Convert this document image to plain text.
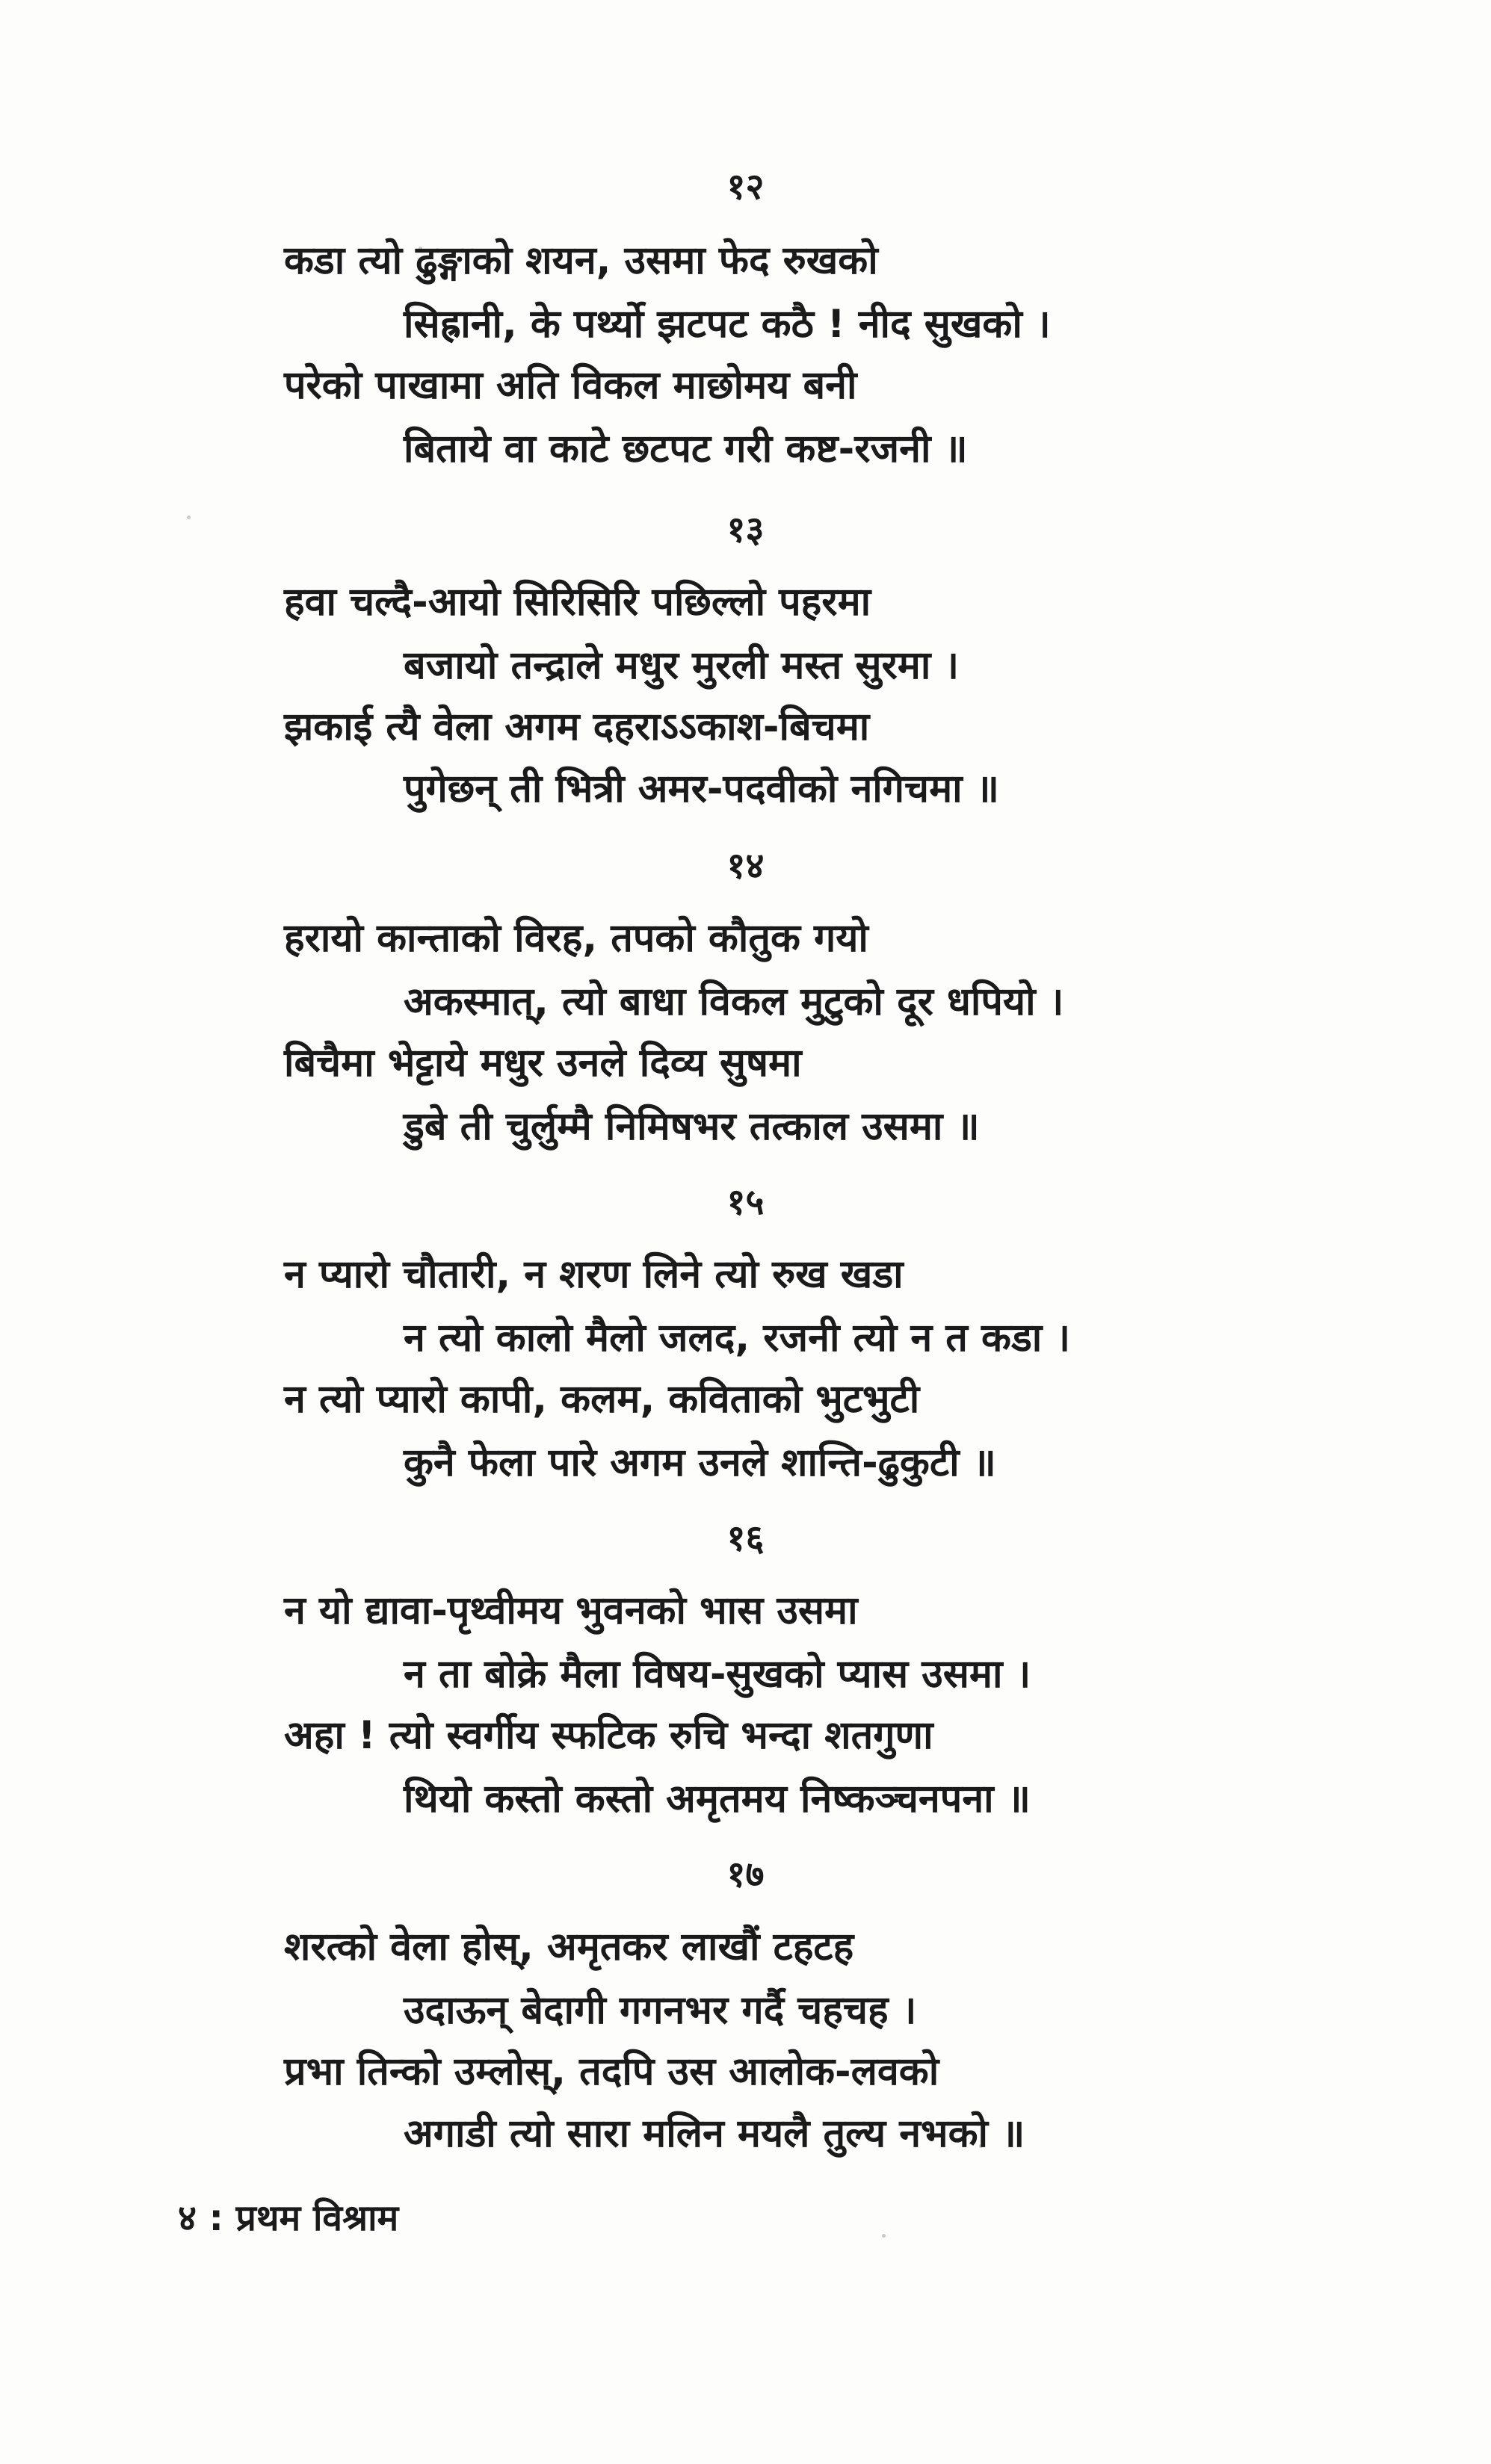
१२
कडा त्यो ढुङ्गाको शयन, उसमा फेद रुखको
सिह्रानी, के पर्थ्यो झटपट कठै ! नीद सुखको ।
परेको पाखामा अति विकल माछोमय बनी
बिताये वा काटे छटपट गरी कष्ट-रजनी ॥
१३
हवा चल्दै-आयो सिरिसिरि पछिल्लो पहरमा
बजायो तन्द्राले मधुर मुरली मस्त सुरमा ।
झकाई त्यै वेला अगम दहराऽऽकाश-बिचमा
पुगेछन् ती भित्री अमर-पदवीको नगिचमा ॥
१४
हरायो कान्ताको विरह, तपको कौतुक गयो
अकस्मात्, त्यो बाधा विकल मुटुको दूर धपियो ।
बिचैमा भेट्टाये मधुर उनले दिव्य सुषमा
डुबे ती चुर्लुम्मै निमिषभर तत्काल उसमा ॥
१५
न प्यारो चौतारी, न शरण लिने त्यो रुख खडा
न त्यो कालो मैलो जलद, रजनी त्यो न त कडा ।
न त्यो प्यारो कापी, कलम, कविताको भुटभुटी
कुनै फेला पारे अगम उनले शान्ति-ढुकुटी ॥
१६
न यो द्यावा-पृथ्वीमय भुवनको भास उसमा
न ता बोक्रे मैला विषय-सुखको प्यास उसमा ।
अहा ! त्यो स्वर्गीय स्फटिक रुचि भन्दा शतगुणा
थियो कस्तो कस्तो अमृतमय निष्कञ्चनपना ॥
१७
शरत्को वेला होस्, अमृतकर लाखौं टहटह
उदाऊन् बेदागी गगनभर गर्दै चहचह ।
प्रभा तिन्को उम्लोस्, तदपि उस आलोक-लवको
अगाडी त्यो सारा मलिन मयलै तुल्य नभको ॥
४ : प्रथम विश्राम
